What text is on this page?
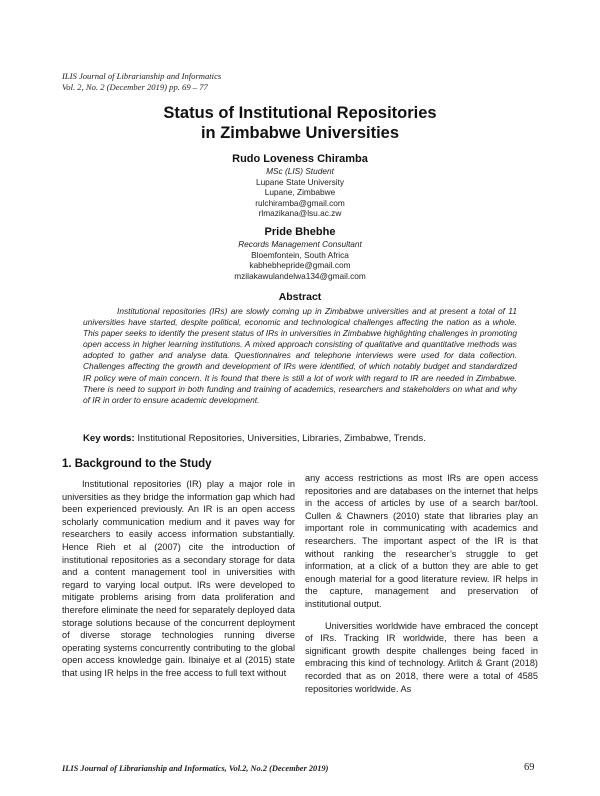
ILIS Journal of Librarianship and Informatics
Vol. 2, No. 2 (December 2019) pp. 69 – 77
Status of Institutional Repositories
in Zimbabwe Universities
Rudo Loveness Chiramba
MSc (LIS) Student
Lupane State University
Lupane, Zimbabwe
rulchiramba@gmail.com
rlmazikana@lsu.ac.zw
Pride Bhebhe
Records Management Consultant
Bloemfontein, South Africa
kabhebhepride@gmail.com
mzilakawulandelwa134@gmail.com
Abstract
Institutional repositories (IRs) are slowly coming up in Zimbabwe universities and at present a total of 11 universities have started, despite political, economic and technological challenges affecting the nation as a whole. This paper seeks to identify the present status of IRs in universities in Zimbabwe highlighting challenges in promoting open access in higher learning institutions. A mixed approach consisting of qualitative and quantitative methods was adopted to gather and analyse data. Questionnaires and telephone interviews were used for data collection. Challenges affecting the growth and development of IRs were identified, of which notably budget and standardized IR policy were of main concern. It is found that there is still a lot of work with regard to IR are needed in Zimbabwe. There is need to support in both funding and training of academics, researchers and stakeholders on what and why of IR in order to ensure academic development.
Key words: Institutional Repositories, Universities, Libraries, Zimbabwe, Trends.
1. Background to the Study

Institutional repositories (IR) play a major role in universities as they bridge the information gap which had been experienced previously. An IR is an open access scholarly communication medium and it paves way for researchers to easily access information substantially. Hence Rieh et al (2007) cite the introduction of institutional repositories as a secondary storage for data and a content management tool in universities with regard to varying local output. IRs were developed to mitigate problems arising from data proliferation and therefore eliminate the need for separately deployed data storage solutions because of the concurrent deployment of diverse storage technologies running diverse operating systems concurrently contributing to the global open access knowledge gain. Ibinaiye et al (2015) state that using IR helps in the free access to full text without

any access restrictions as most IRs are open access repositories and are databases on the internet that helps in the access of articles by use of a search bar/tool. Cullen & Chawners (2010) state that libraries play an important role in communicating with academics and researchers. The important aspect of the IR is that without ranking the researcher’s struggle to get information, at a click of a button they are able to get enough material for a good literature review. IR helps in the capture, management and preservation of institutional output.

Universities worldwide have embraced the concept of IRs. Tracking IR worldwide, there has been a significant growth despite challenges being faced in embracing this kind of technology. Arlitch & Grant (2018) recorded that as on 2018, there were a total of 4585 repositories worldwide. As

ILIS Journal of Librarianship and Informatics, Vol.2, No.2 (December 2019)	69
